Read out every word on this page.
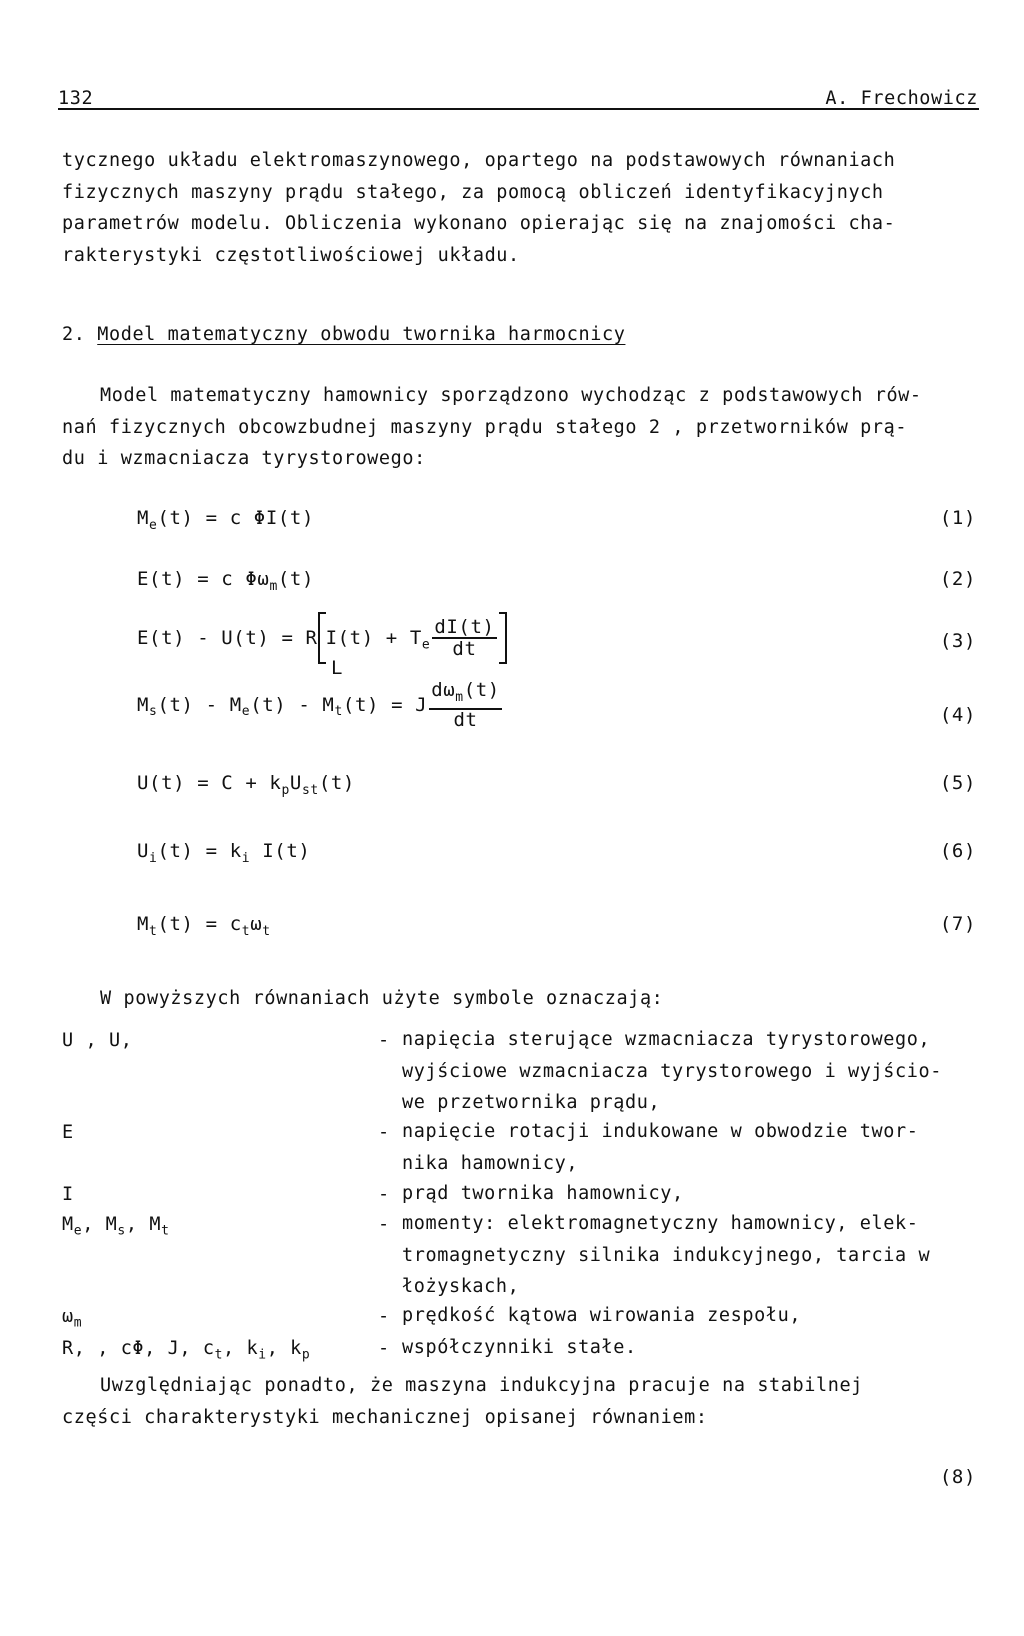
132	A. Frechowicz
tycznego układu elektromaszynowego, opartego na podstawowych równaniach
fizycznych maszyny prądu stałego, za pomocą obliczeń identyfikacyjnych
parametrów modelu. Obliczenia wykonano opierając się na znajomości cha-
rakterystyki częstotliwościowej układu.
2. Model matematyczny obwodu twornika harmocnicy
Model matematyczny hamownicy sporządzono wychodząc z podstawowych rów-
nań fizycznych obcowzbudnej maszyny prądu stałego 2 , przetworników prą-
du i wzmacniacza tyrystorowego:
$M_e(t) = c$ ΦI(t)	(1)
E(t) = c $\Phi\omega_m(t)$	(2)
E(t) - U(t) = R $I(t) + T_e \frac{dI(t)}{dt}$
L
(3)
$M_s(t) - M_e(t) - M_t(t) = J \frac{d\omega_m(t)}{dt}$	(4)
$U(t) = C + k_pU_{st}(t)$	(5)
$U_i(t) = k_i$ I(t)	(6)
$M_t(t) = c_t\omega_t$	(7)
W powyższych równaniach użyte symbole oznaczają:
U , U,	- napięcia sterujące wzmacniacza tyrystorowego,
wyjściowe wzmacniacza tyrystorowego i wyjścio-
we przetwornika prądu,
E	- napięcie rotacji indukowane w obwodzie twor-
nika hamownicy,
I	- prąd twornika hamownicy,
$M_e$, $M_s$, $M_t$	- momenty: elektromagnetyczny hamownicy, elek-
tromagnetyczny silnika indukcyjnego, tarcia w
łożyskach,
$\omega_m$	- prędkość kątowa wirowania zespołu,
R, , cΦ, J, $c_t$, $k_i$, $k_p$	- współczynniki stałe.
Uwzględniając ponadto, że maszyna indukcyjna pracuje na stabilnej
części charakterystyki mechanicznej opisanej równaniem:
(8)
